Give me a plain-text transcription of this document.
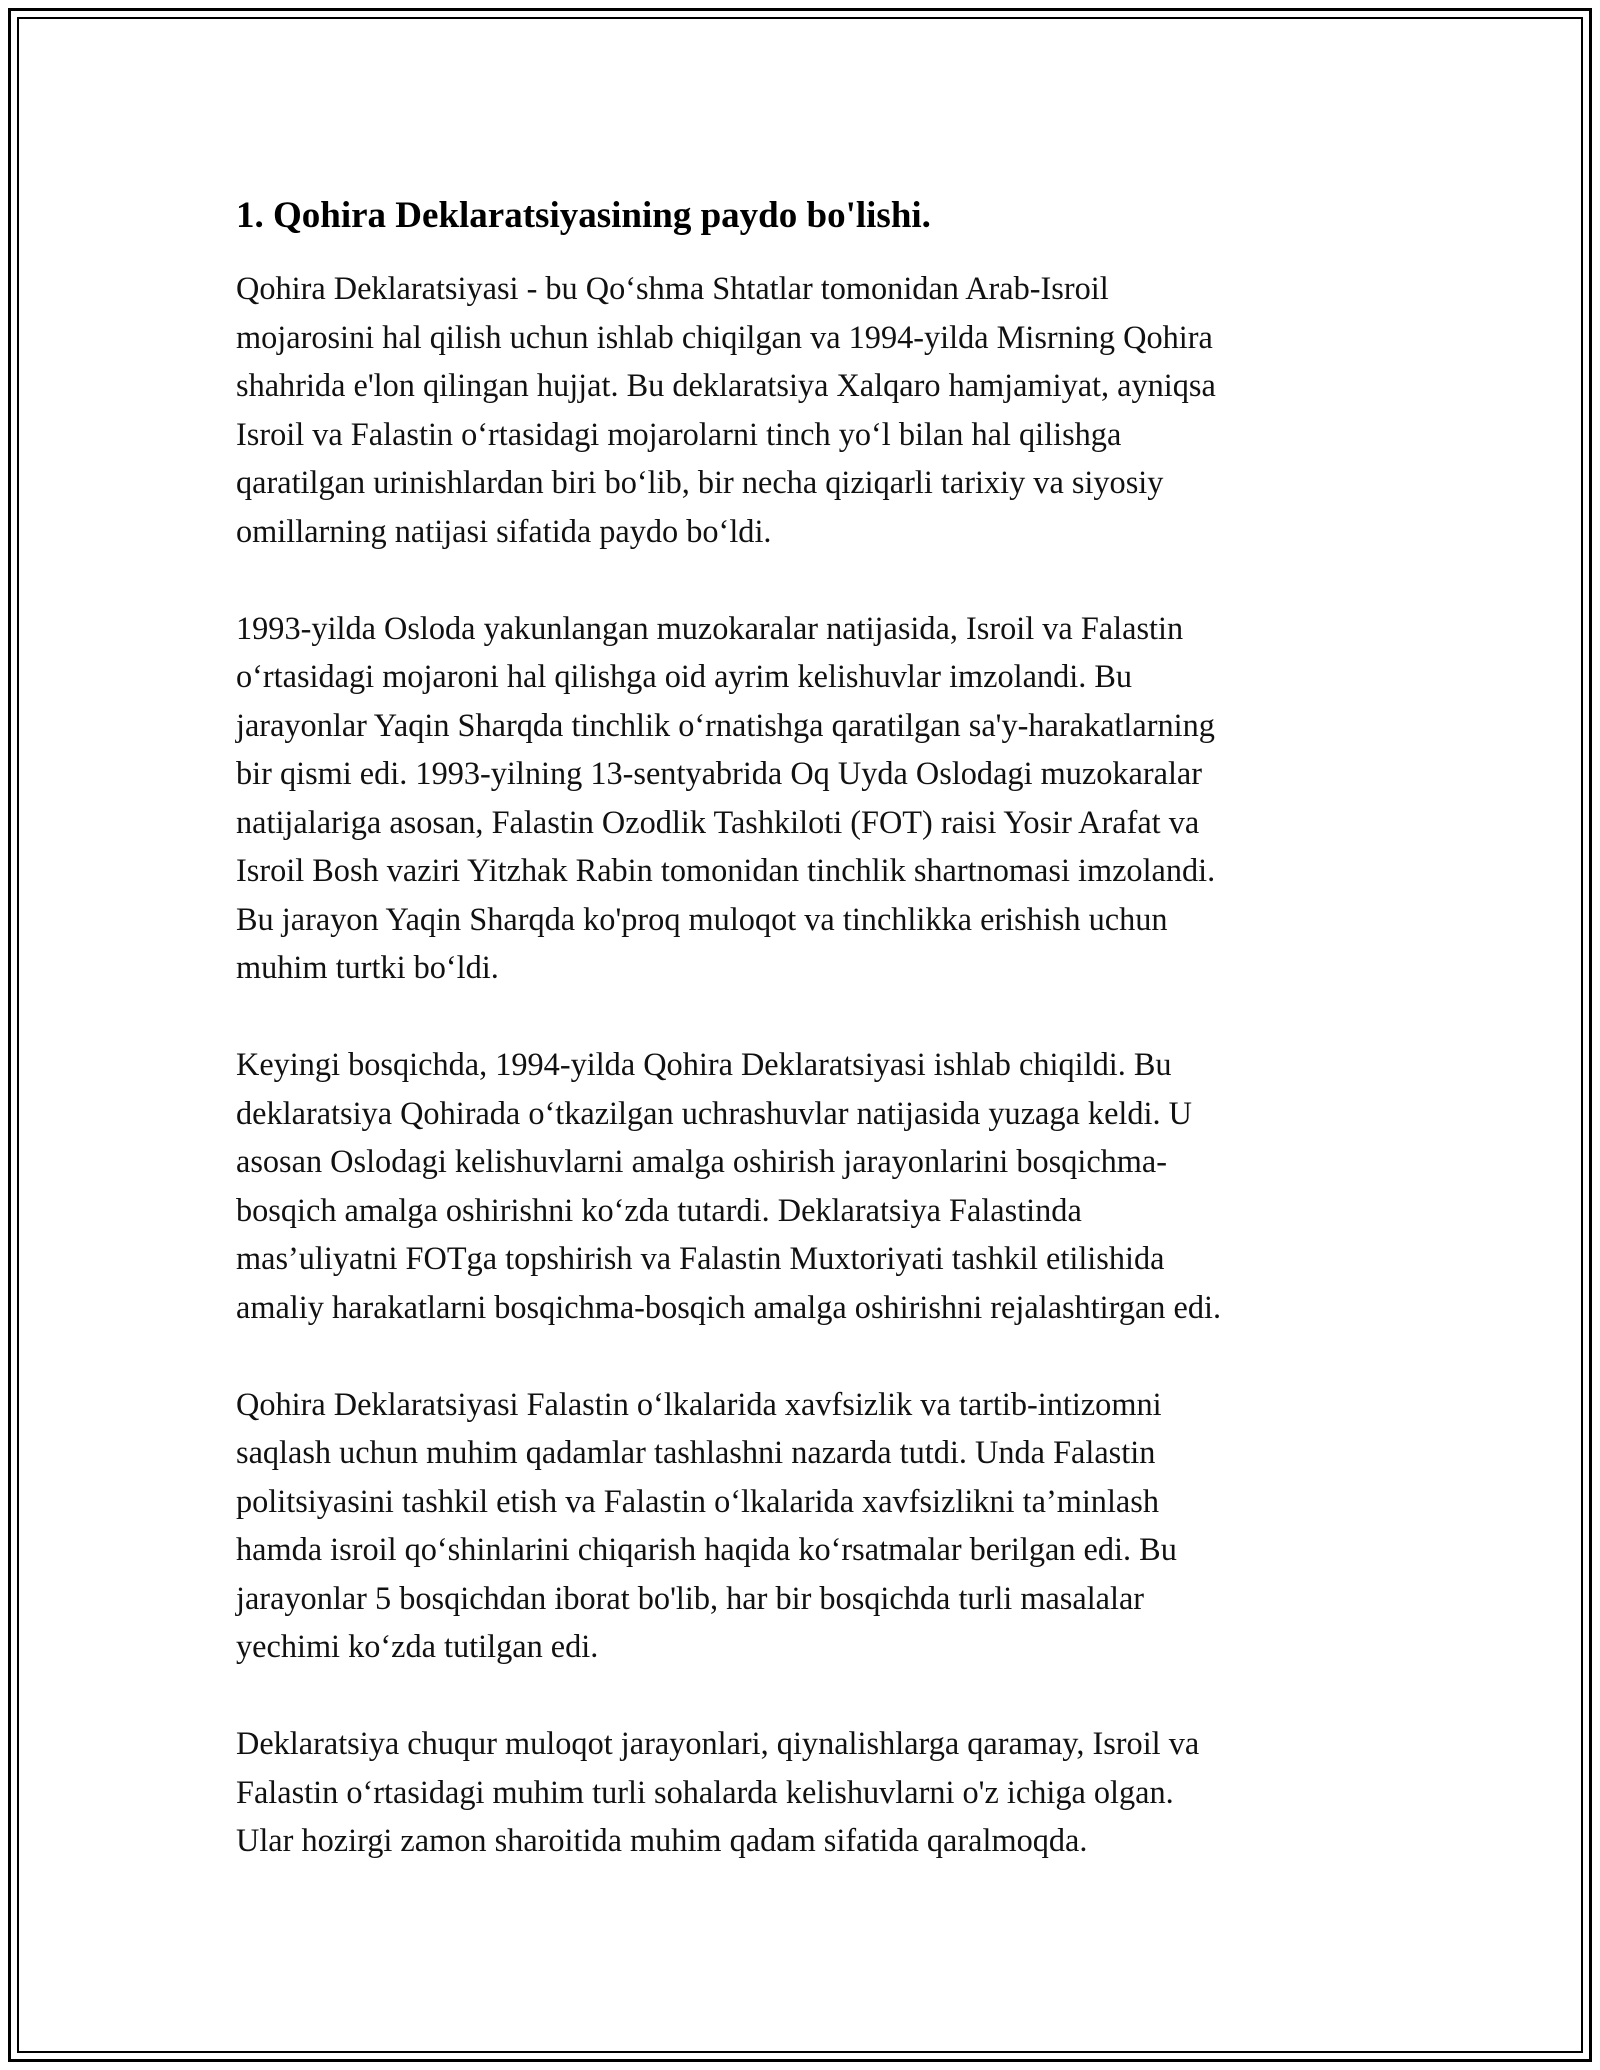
1. Qohira Deklaratsiyasining paydo bo'lishi.

Qohira Deklaratsiyasi - bu Qo‘shma Shtatlar tomonidan Arab-Isroil
mojarosini hal qilish uchun ishlab chiqilgan va 1994-yilda Misrning Qohira
shahrida e'lon qilingan hujjat. Bu deklaratsiya Xalqaro hamjamiyat, ayniqsa
Isroil va Falastin o‘rtasidagi mojarolarni tinch yo‘l bilan hal qilishga
qaratilgan urinishlardan biri bo‘lib, bir necha qiziqarli tarixiy va siyosiy
omillarning natijasi sifatida paydo bo‘ldi.

1993-yilda Osloda yakunlangan muzokaralar natijasida, Isroil va Falastin
o‘rtasidagi mojaroni hal qilishga oid ayrim kelishuvlar imzolandi. Bu
jarayonlar Yaqin Sharqda tinchlik o‘rnatishga qaratilgan sa'y-harakatlarning
bir qismi edi. 1993-yilning 13-sentyabrida Oq Uyda Oslodagi muzokaralar
natijalariga asosan, Falastin Ozodlik Tashkiloti (FOT) raisi Yosir Arafat va
Isroil Bosh vaziri Yitzhak Rabin tomonidan tinchlik shartnomasi imzolandi.
Bu jarayon Yaqin Sharqda ko'proq muloqot va tinchlikka erishish uchun
muhim turtki bo‘ldi.

Keyingi bosqichda, 1994-yilda Qohira Deklaratsiyasi ishlab chiqildi. Bu
deklaratsiya Qohirada o‘tkazilgan uchrashuvlar natijasida yuzaga keldi. U
asosan Oslodagi kelishuvlarni amalga oshirish jarayonlarini bosqichma-
bosqich amalga oshirishni ko‘zda tutardi. Deklaratsiya Falastinda
mas’uliyatni FOTga topshirish va Falastin Muxtoriyati tashkil etilishida
amaliy harakatlarni bosqichma-bosqich amalga oshirishni rejalashtirgan edi.

Qohira Deklaratsiyasi Falastin o‘lkalarida xavfsizlik va tartib-intizomni
saqlash uchun muhim qadamlar tashlashni nazarda tutdi. Unda Falastin
politsiyasini tashkil etish va Falastin o‘lkalarida xavfsizlikni ta’minlash
hamda isroil qo‘shinlarini chiqarish haqida ko‘rsatmalar berilgan edi. Bu
jarayonlar 5 bosqichdan iborat bo'lib, har bir bosqichda turli masalalar
yechimi ko‘zda tutilgan edi.

Deklaratsiya chuqur muloqot jarayonlari, qiynalishlarga qaramay, Isroil va
Falastin o‘rtasidagi muhim turli sohalarda kelishuvlarni o'z ichiga olgan.
Ular hozirgi zamon sharoitida muhim qadam sifatida qaralmoqda.
